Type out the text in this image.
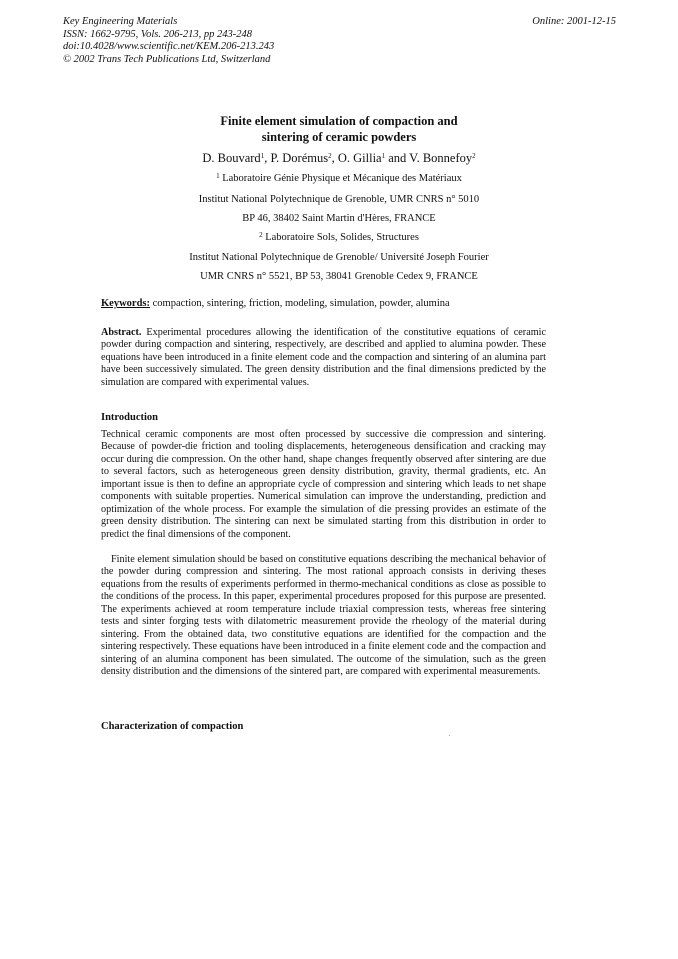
Key Engineering Materials
ISSN: 1662-9795, Vols. 206-213, pp 243-248
doi:10.4028/www.scientific.net/KEM.206-213.243
© 2002 Trans Tech Publications Ltd, Switzerland
Online: 2001-12-15
Finite element simulation of compaction and
sintering of ceramic powders
D. Bouvard$^1$, P. Dorémus$^2$, O. Gillia$^1$ and V. Bonnefoy$^2$
$^1$ Laboratoire Génie Physique et Mécanique des Matériaux
Institut National Polytechnique de Grenoble, UMR CNRS n° 5010
BP 46, 38402 Saint Martin d'Hères, FRANCE
$^2$ Laboratoire Sols, Solides, Structures
Institut National Polytechnique de Grenoble/ Université Joseph Fourier
UMR CNRS n° 5521, BP 53, 38041 Grenoble Cedex 9, FRANCE
Keywords: compaction, sintering, friction, modeling, simulation, powder, alumina
Abstract. Experimental procedures allowing the identification of the constitutive equations of ceramic powder during compaction and sintering, respectively, are described and applied to alumina powder. These equations have been introduced in a finite element code and the compaction and sintering of an alumina part have been successively simulated. The green density distribution and the final dimensions predicted by the simulation are compared with experimental values.
Introduction
Technical ceramic components are most often processed by successive die compression and sintering. Because of powder-die friction and tooling displacements, heterogeneous densification and cracking may occur during die compression. On the other hand, shape changes frequently observed after sintering are due to several factors, such as heterogeneous green density distribution, gravity, thermal gradients, etc. An important issue is then to define an appropriate cycle of compression and sintering which leads to net shape components with suitable properties. Numerical simulation can improve the understanding, prediction and optimization of the whole process. For example the simulation of die pressing provides an estimate of the green density distribution. The sintering can next be simulated starting from this distribution in order to predict the final dimensions of the component.
Finite element simulation should be based on constitutive equations describing the mechanical behavior of the powder during compression and sintering. The most rational approach consists in deriving theses equations from the results of experiments performed in thermo-mechanical conditions as close as possible to the conditions of the process. In this paper, experimental procedures proposed for this purpose are presented. The experiments achieved at room temperature include triaxial compression tests, whereas free sintering tests and sinter forging tests with dilatometric measurement provide the rheology of the material during sintering. From the obtained data, two constitutive equations are identified for the compaction and the sintering respectively. These equations have been introduced in a finite element code and the compaction and sintering of an alumina component has been simulated. The outcome of the simulation, such as the green density distribution and the dimensions of the sintered part, are compared with experimental measurements.
Characterization of compaction
